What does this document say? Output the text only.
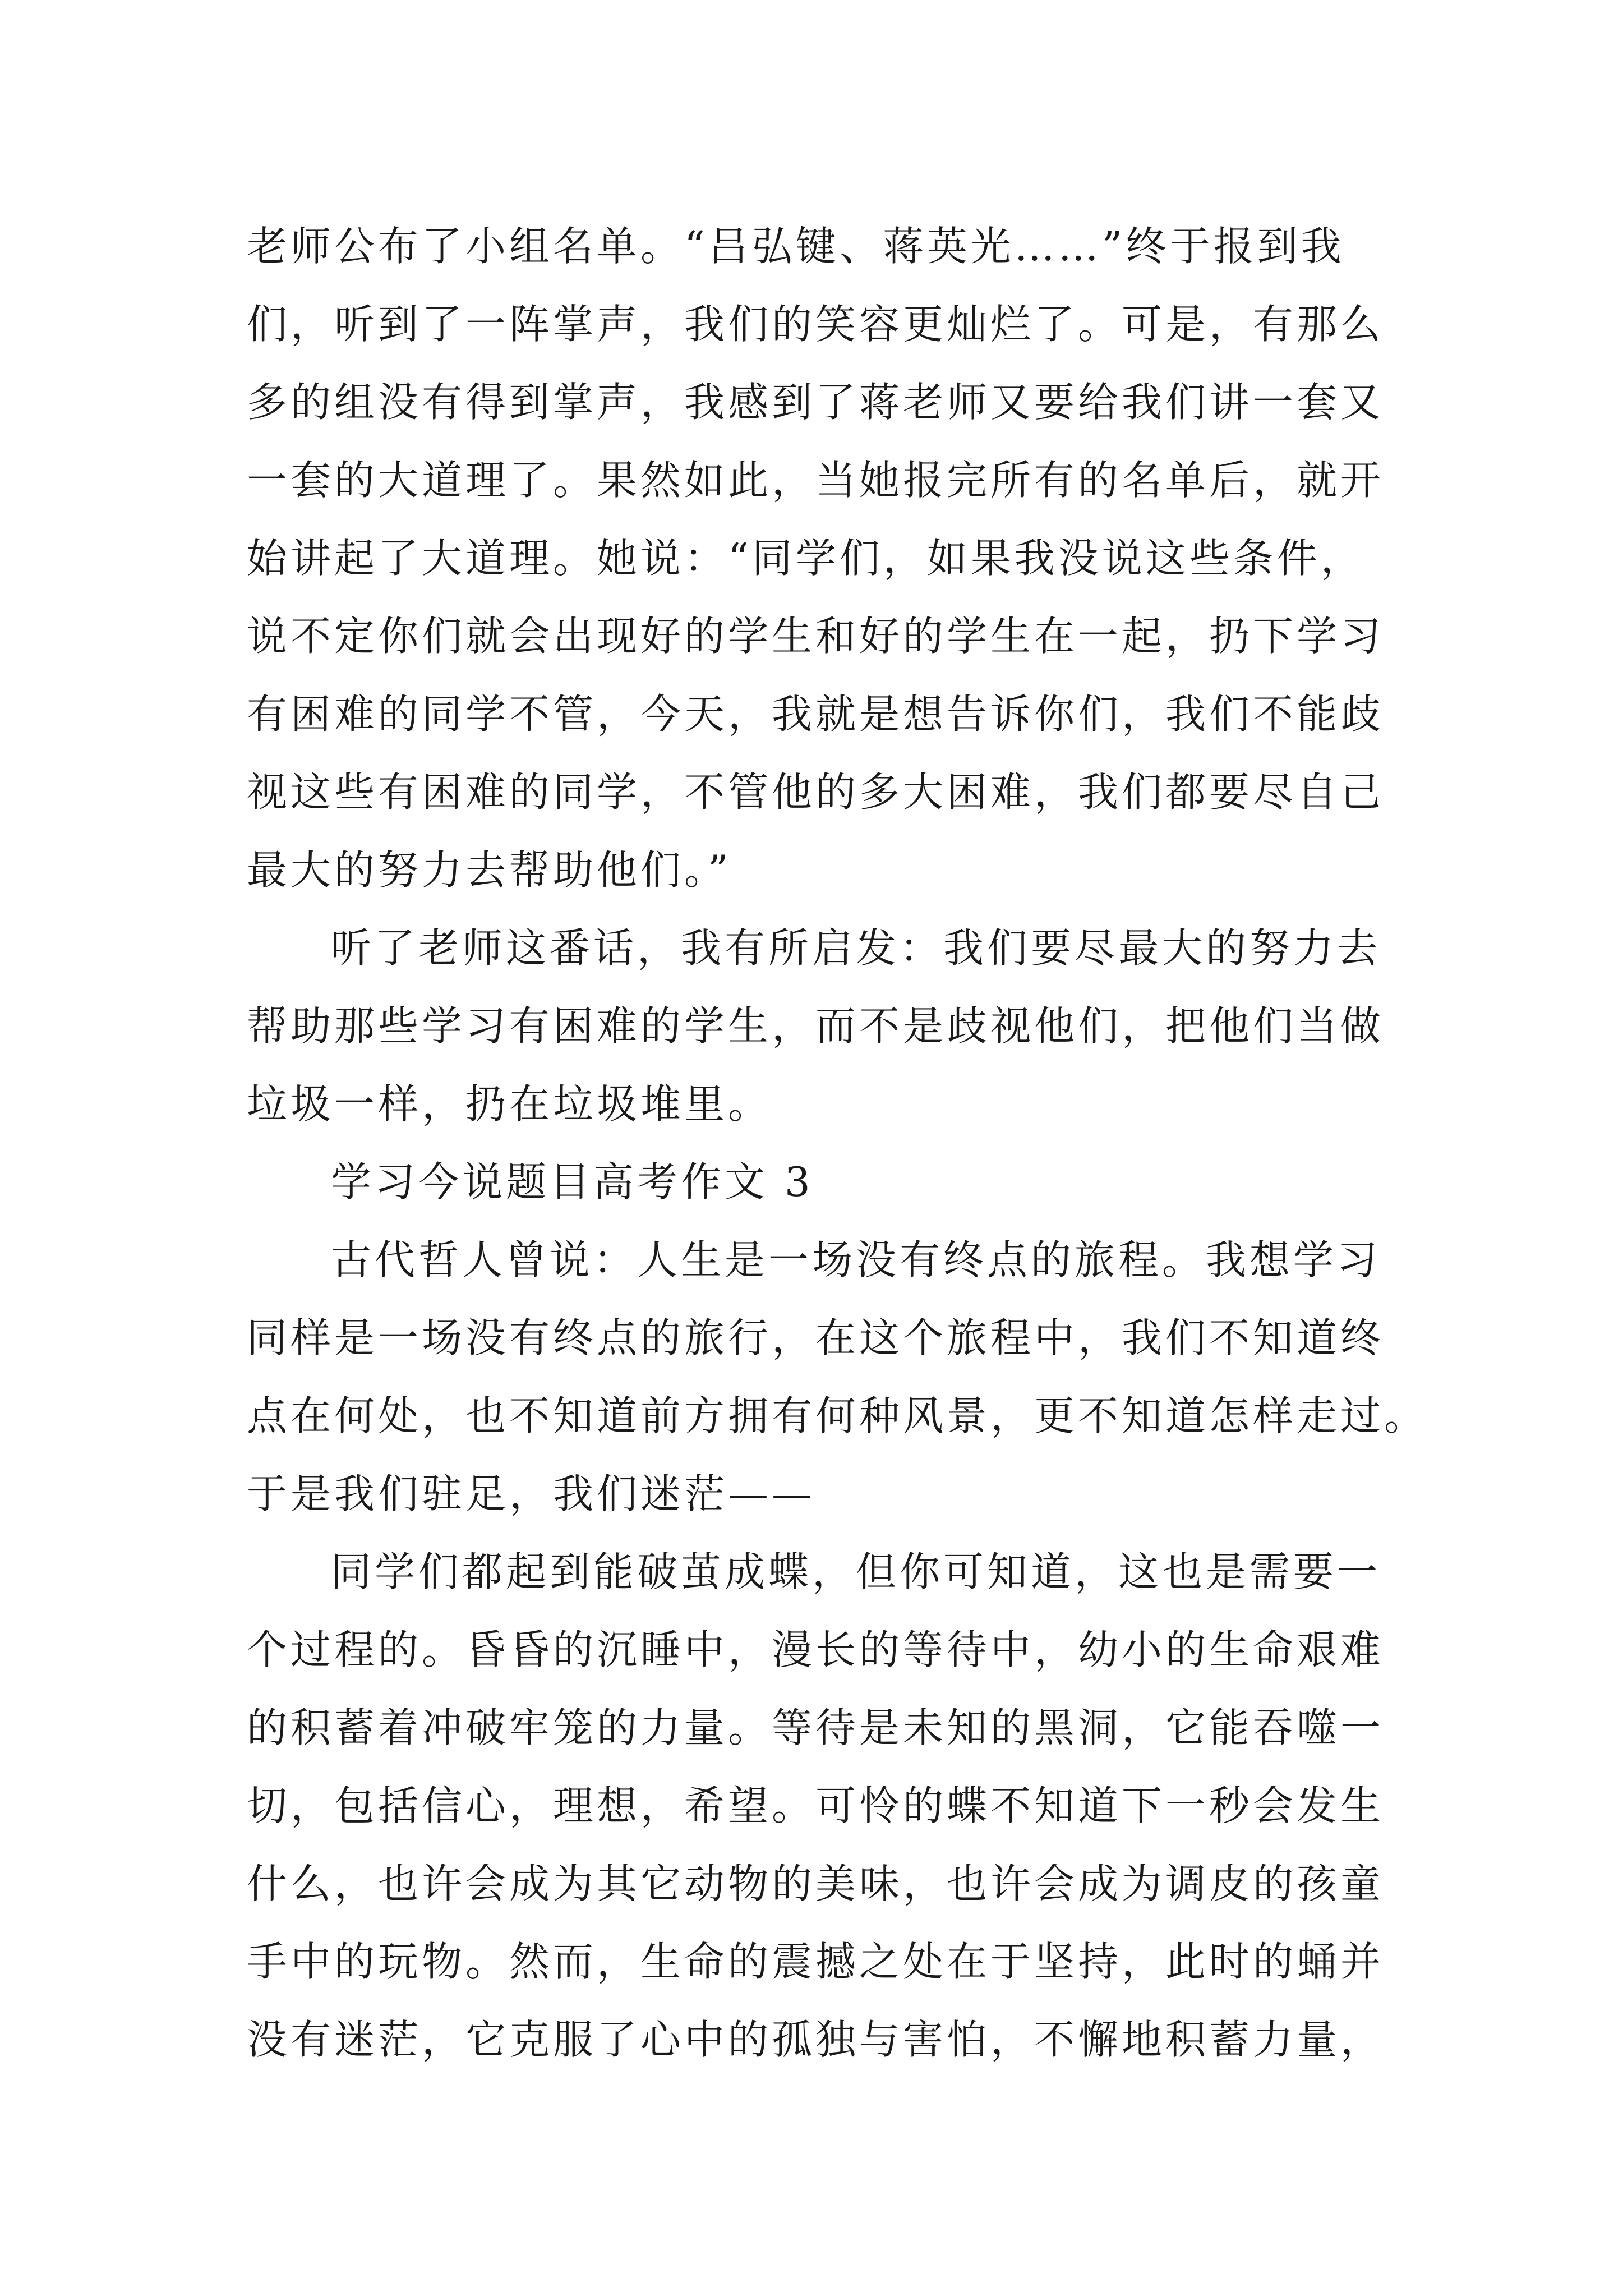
老师公布了小组名单。“吕弘键、蒋英光……”终于报到我
们，听到了一阵掌声，我们的笑容更灿烂了。可是，有那么
多的组没有得到掌声，我感到了蒋老师又要给我们讲一套又
一套的大道理了。果然如此，当她报完所有的名单后，就开
始讲起了大道理。她说：“同学们，如果我没说这些条件，
说不定你们就会出现好的学生和好的学生在一起，扔下学习
有困难的同学不管，今天，我就是想告诉你们，我们不能歧
视这些有困难的同学，不管他的多大困难，我们都要尽自己
最大的努力去帮助他们。”
听了老师这番话，我有所启发：我们要尽最大的努力去
帮助那些学习有困难的学生，而不是歧视他们，把他们当做
垃圾一样，扔在垃圾堆里。
学习今说题目高考作文 3
古代哲人曾说：人生是一场没有终点的旅程。我想学习
同样是一场没有终点的旅行，在这个旅程中，我们不知道终
点在何处，也不知道前方拥有何种风景，更不知道怎样走过。
于是我们驻足，我们迷茫——
同学们都起到能破茧成蝶，但你可知道，这也是需要一
个过程的。昏昏的沉睡中，漫长的等待中，幼小的生命艰难
的积蓄着冲破牢笼的力量。等待是未知的黑洞，它能吞噬一
切，包括信心，理想，希望。可怜的蝶不知道下一秒会发生
什么，也许会成为其它动物的美味，也许会成为调皮的孩童
手中的玩物。然而，生命的震撼之处在于坚持，此时的蛹并
没有迷茫，它克服了心中的孤独与害怕，不懈地积蓄力量，
